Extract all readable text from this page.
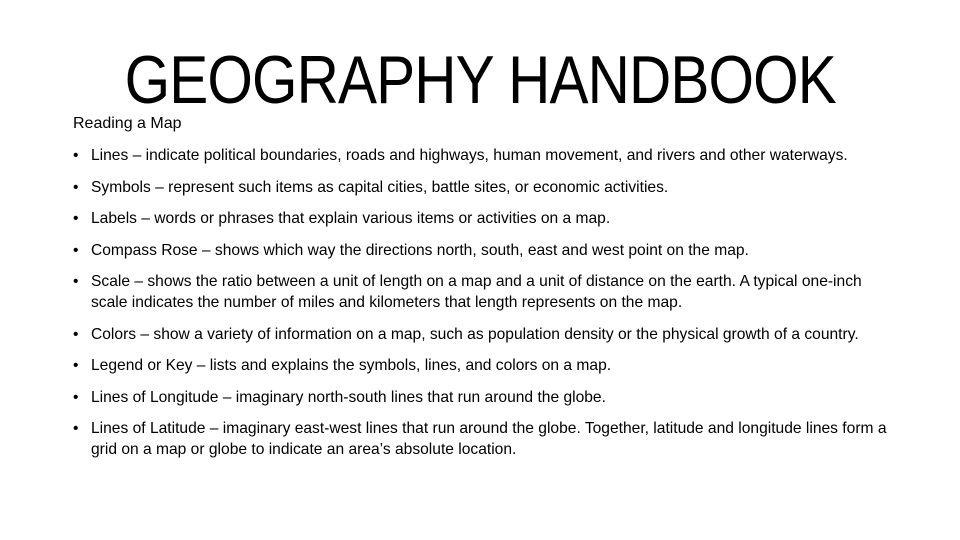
GEOGRAPHY HANDBOOK

Reading a Map

• Lines – indicate political boundaries, roads and highways, human movement, and rivers and other waterways.
• Symbols – represent such items as capital cities, battle sites, or economic activities.
• Labels – words or phrases that explain various items or activities on a map.
• Compass Rose – shows which way the directions north, south, east and west point on the map.
• Scale – shows the ratio between a unit of length on a map and a unit of distance on the earth. A typical one-inch scale indicates the number of miles and kilometers that length represents on the map.
• Colors – show a variety of information on a map, such as population density or the physical growth of a country.
• Legend or Key – lists and explains the symbols, lines, and colors on a map.
• Lines of Longitude – imaginary north-south lines that run around the globe.
• Lines of Latitude – imaginary east-west lines that run around the globe. Together, latitude and longitude lines form a grid on a map or globe to indicate an area’s absolute location.
